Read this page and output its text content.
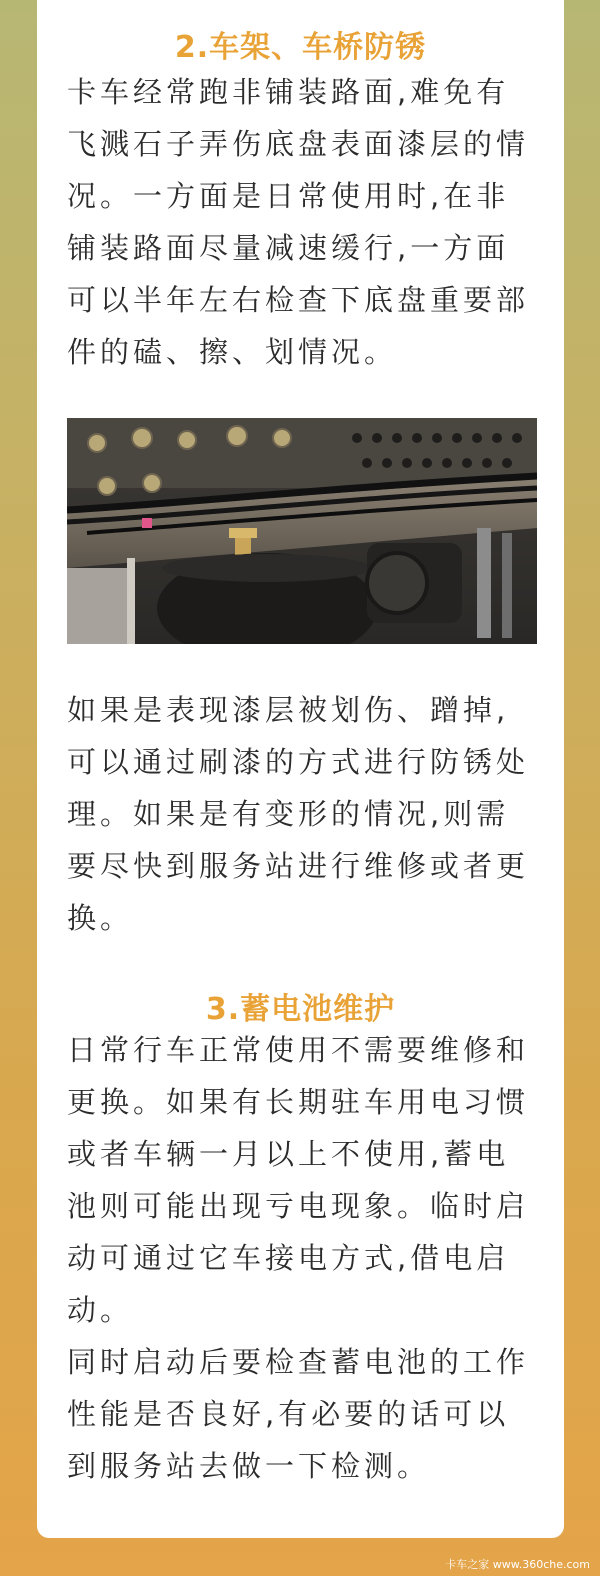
2.车架、车桥防锈

卡车经常跑非铺装路面,难免有飞溅石子弄伤底盘表面漆层的情况。一方面是日常使用时,在非铺装路面尽量减速缓行,一方面可以半年左右检查下底盘重要部件的磕、擦、划情况。

如果是表现漆层被划伤、蹭掉,可以通过刷漆的方式进行防锈处理。如果是有变形的情况,则需要尽快到服务站进行维修或者更换。

3.蓄电池维护

日常行车正常使用不需要维修和更换。如果有长期驻车用电习惯或者车辆一月以上不使用,蓄电池则可能出现亏电现象。临时启动可通过它车接电方式,借电启动。

同时启动后要检查蓄电池的工作性能是否良好,有必要的话可以到服务站去做一下检测。

卡车之家 www.360che.com
